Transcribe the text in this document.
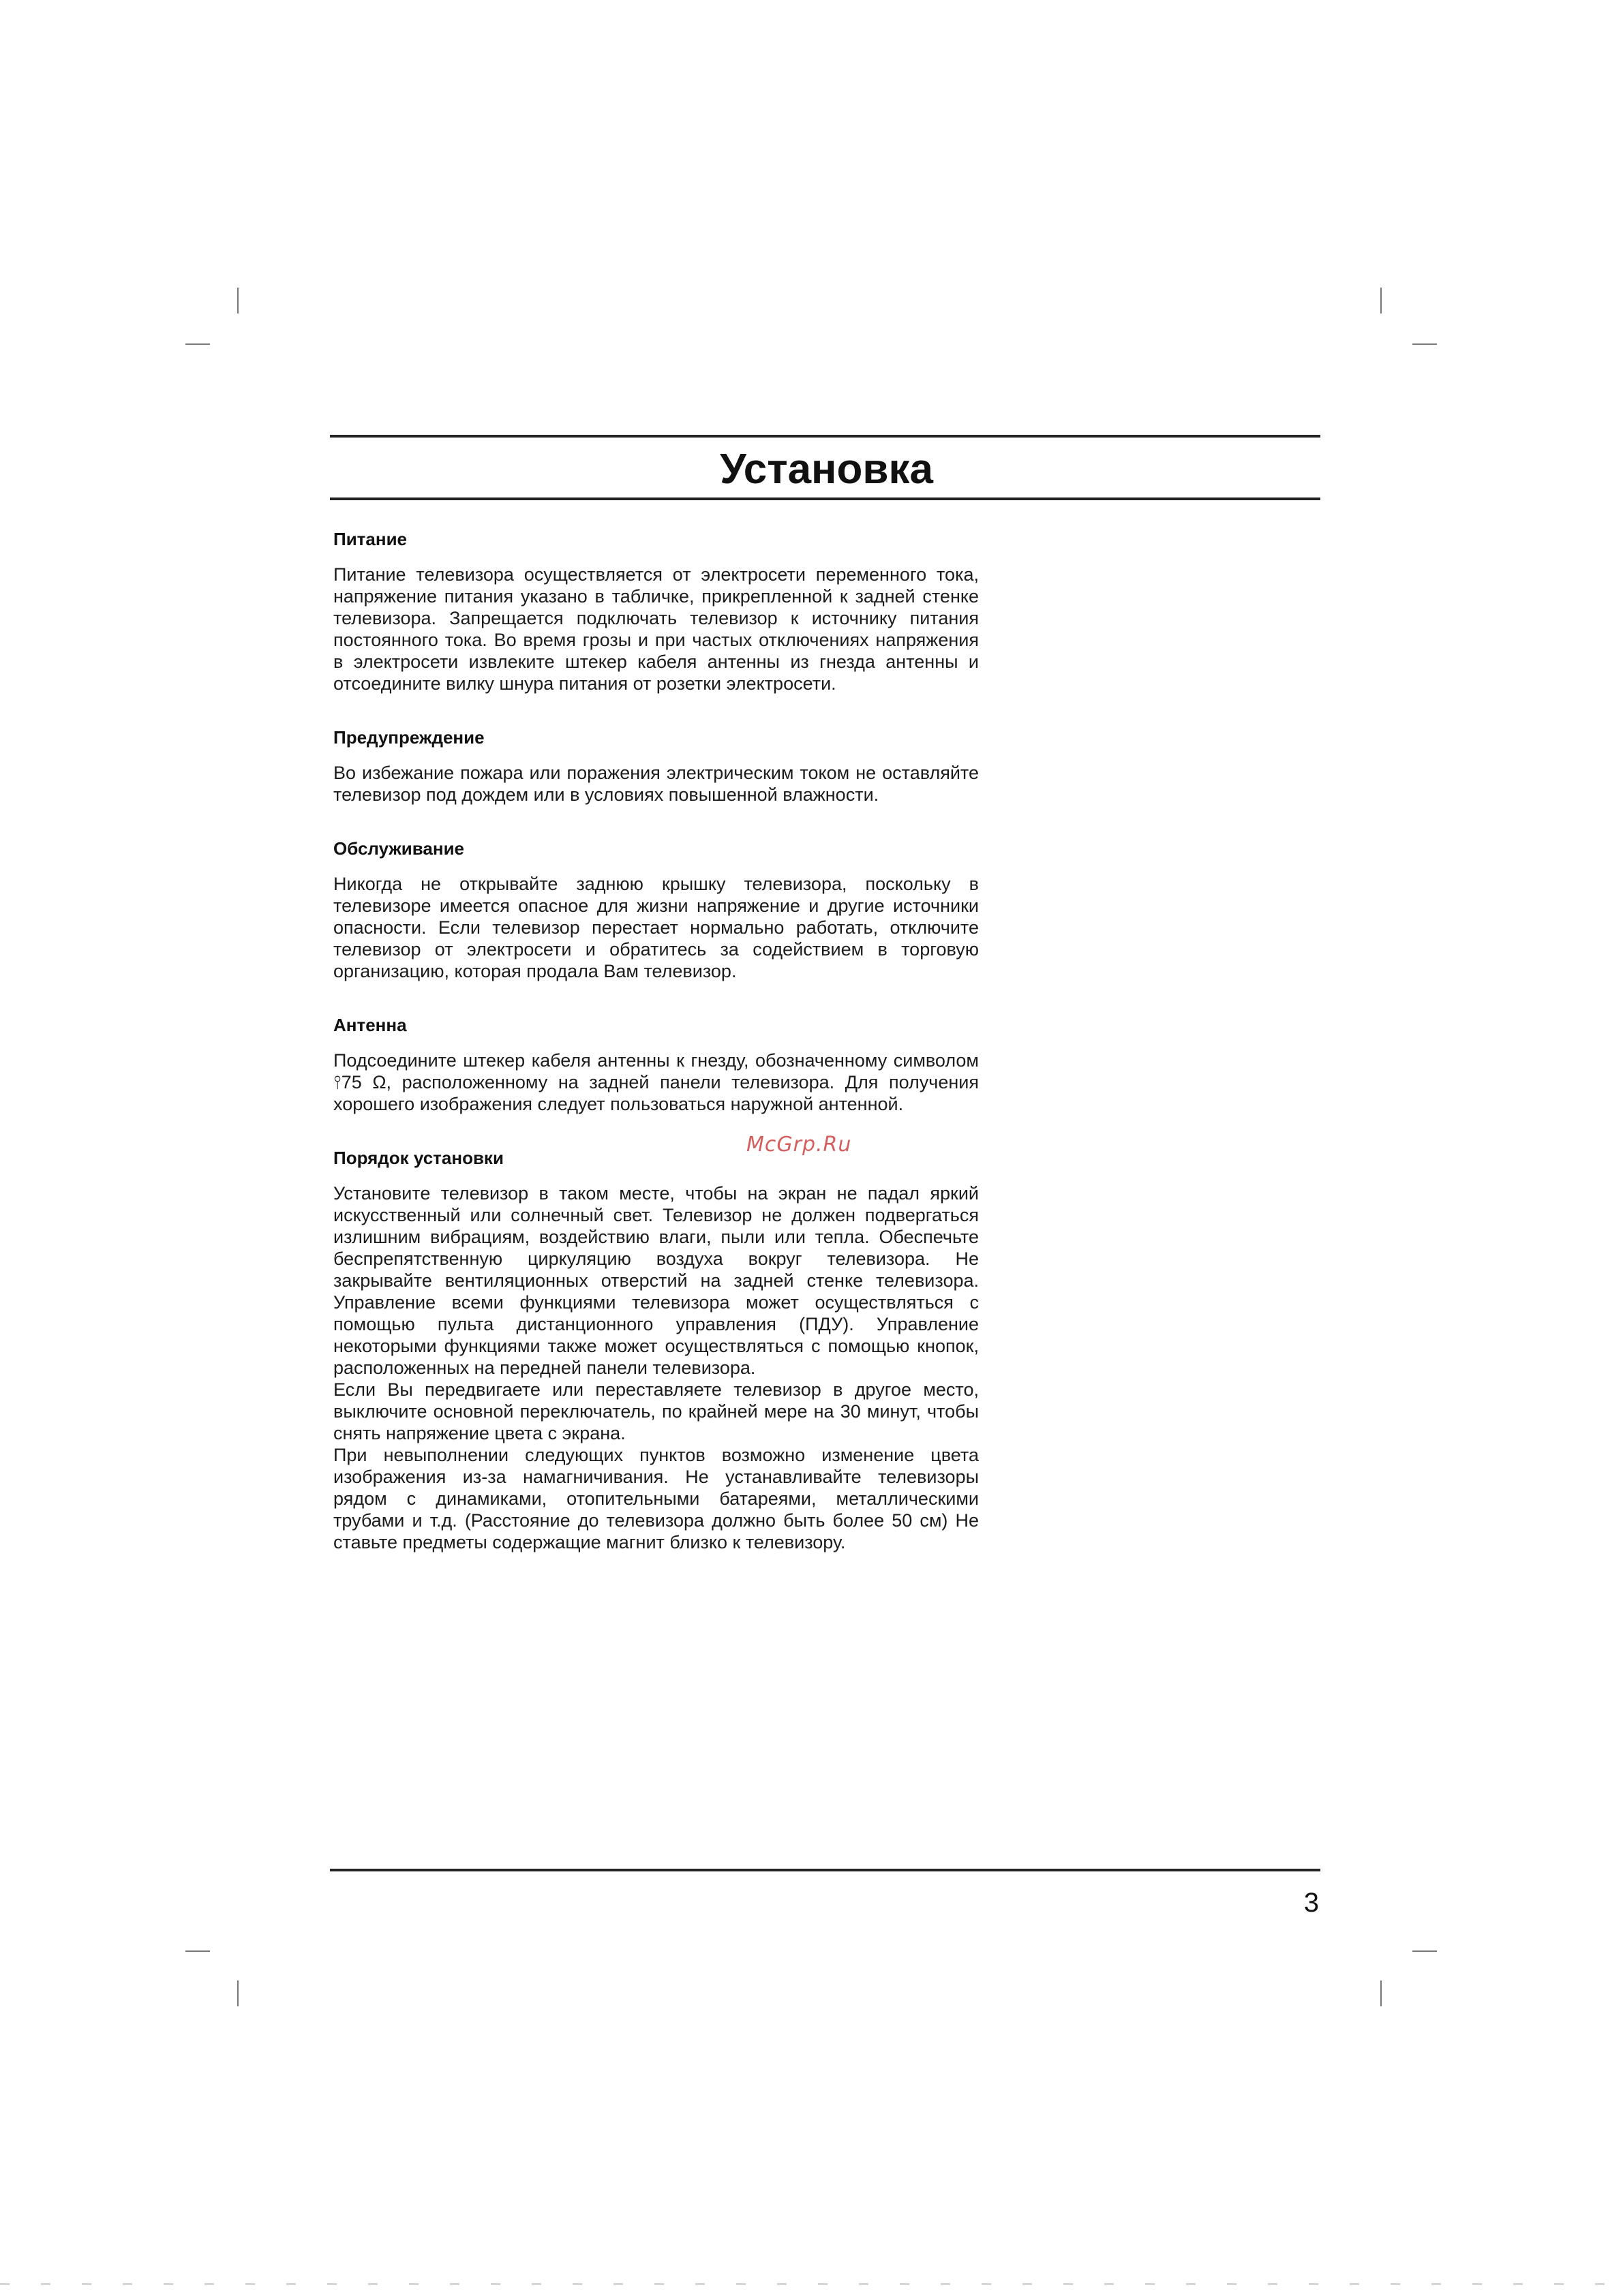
Установка
Питание

Питание телевизора осуществляется от электросети переменного тока, напряжение питания указано в табличке, прикрепленной к задней стенке телевизора. Запрещается подключать телевизор к источнику питания постоянного тока. Во время грозы и при частых отключениях напряжения в электросети извлеките штекер кабеля антенны из гнезда антенны и отсоедините вилку шнура питания от розетки электросети.

Предупреждение

Во избежание пожара или поражения электрическим током не оставляйте телевизор под дождем или в условиях повышенной влажности.

Обслуживание

Никогда не открывайте заднюю крышку телевизора, поскольку в телевизоре имеется опасное для жизни напряжение и другие источники опасности. Если телевизор перестает нормально работать, отключите телевизор от электросети и обратитесь за содействием в торговую организацию, которая продала Вам телевизор.

Антенна

Подсоедините штекер кабеля антенны к гнезду, обозначенному символом ⫯75 Ω, расположенному на задней панели телевизора. Для получения хорошего изображения следует пользоваться наружной антенной.

Порядок установки

Установите телевизор в таком месте, чтобы на экран не падал яркий искусственный или солнечный свет. Телевизор не должен подвергаться излишним вибрациям, воздействию влаги, пыли или тепла. Обеспечьте беспрепятственную циркуляцию воздуха вокруг телевизора. Не закрывайте вентиляционных отверстий на задней стенке телевизора. Управление всеми функциями телевизора может осуществляться с помощью пульта дистанционного управления (ПДУ). Управление некоторыми функциями также может осуществляться с помощью кнопок, расположенных на передней панели телевизора.
Если Вы передвигаете или переставляете телевизор в другое место, выключите основной переключатель, по крайней мере на 30 минут, чтобы снять напряжение цвета с экрана.
При невыполнении следующих пунктов возможно изменение цвета изображения из-за намагничивания. Не устанавливайте телевизоры рядом с динамиками, отопительными батареями, металлическими трубами и т.д. (Расстояние до телевизора должно быть более 50 см) Не ставьте предметы содержащие магнит близко к телевизору.

McGrp.Ru
3
